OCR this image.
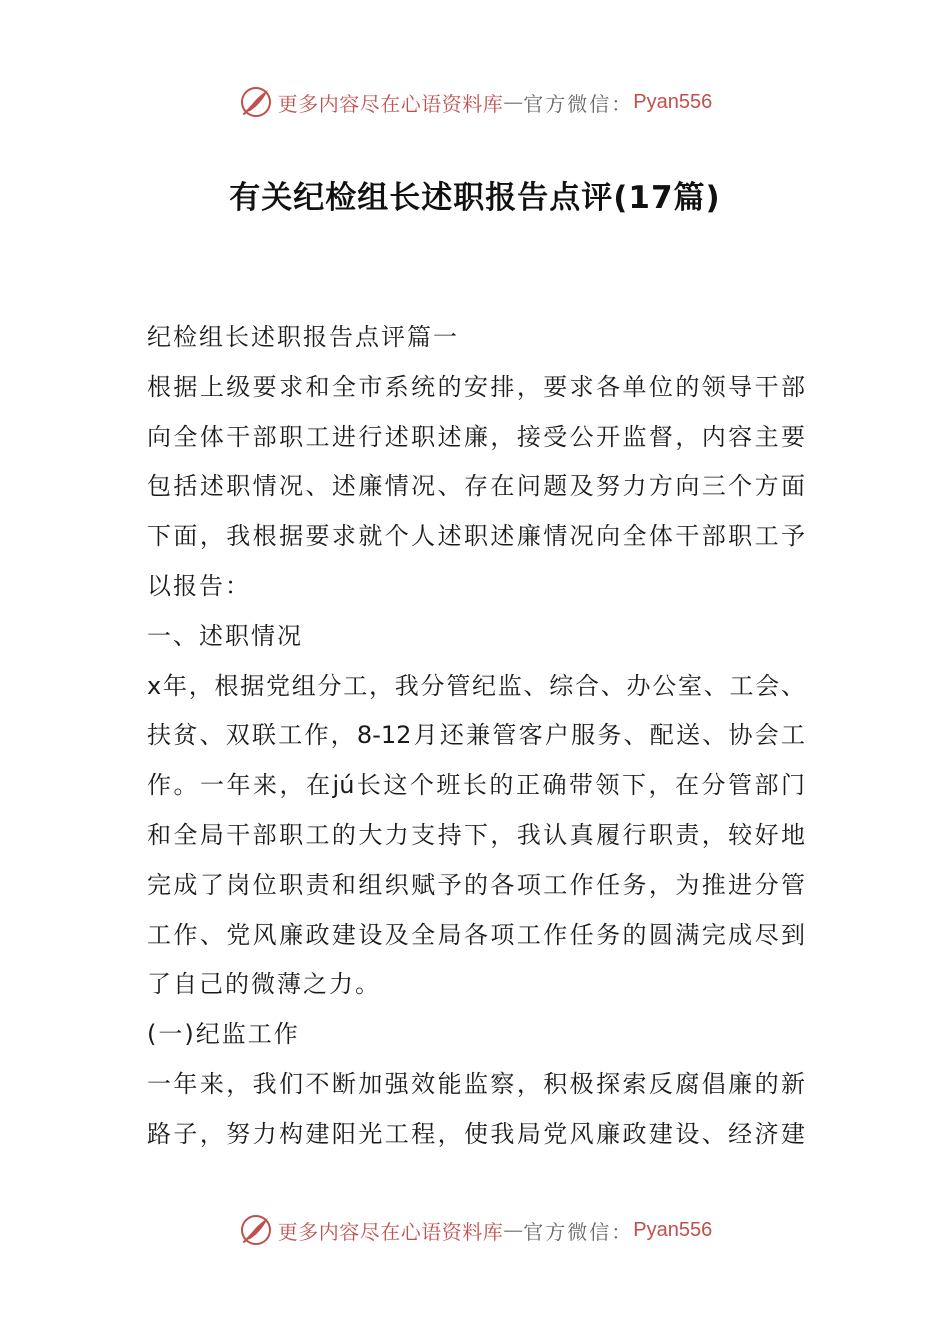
更多内容尽在心语资料库 — 官方微信： Pyan556
有关纪检组长述职报告点评(17篇)
纪检组长述职报告点评篇一
根据上级要求和全市系统的安排，要求各单位的领导干部
向全体干部职工进行述职述廉，接受公开监督，内容主要
包括述职情况、述廉情况、存在问题及努力方向三个方面
下面，我根据要求就个人述职述廉情况向全体干部职工予
以报告：
一、述职情况
x年，根据党组分工，我分管纪监、综合、办公室、工会、
扶贫、双联工作，8-12月还兼管客户服务、配送、协会工
作。一年来，在jú长这个班长的正确带领下，在分管部门
和全局干部职工的大力支持下，我认真履行职责，较好地
完成了岗位职责和组织赋予的各项工作任务，为推进分管
工作、党风廉政建设及全局各项工作任务的圆满完成尽到
了自己的微薄之力。
(一)纪监工作
一年来，我们不断加强效能监察，积极探索反腐倡廉的新
路子，努力构建阳光工程，使我局党风廉政建设、经济建
更多内容尽在心语资料库 — 官方微信： Pyan556
